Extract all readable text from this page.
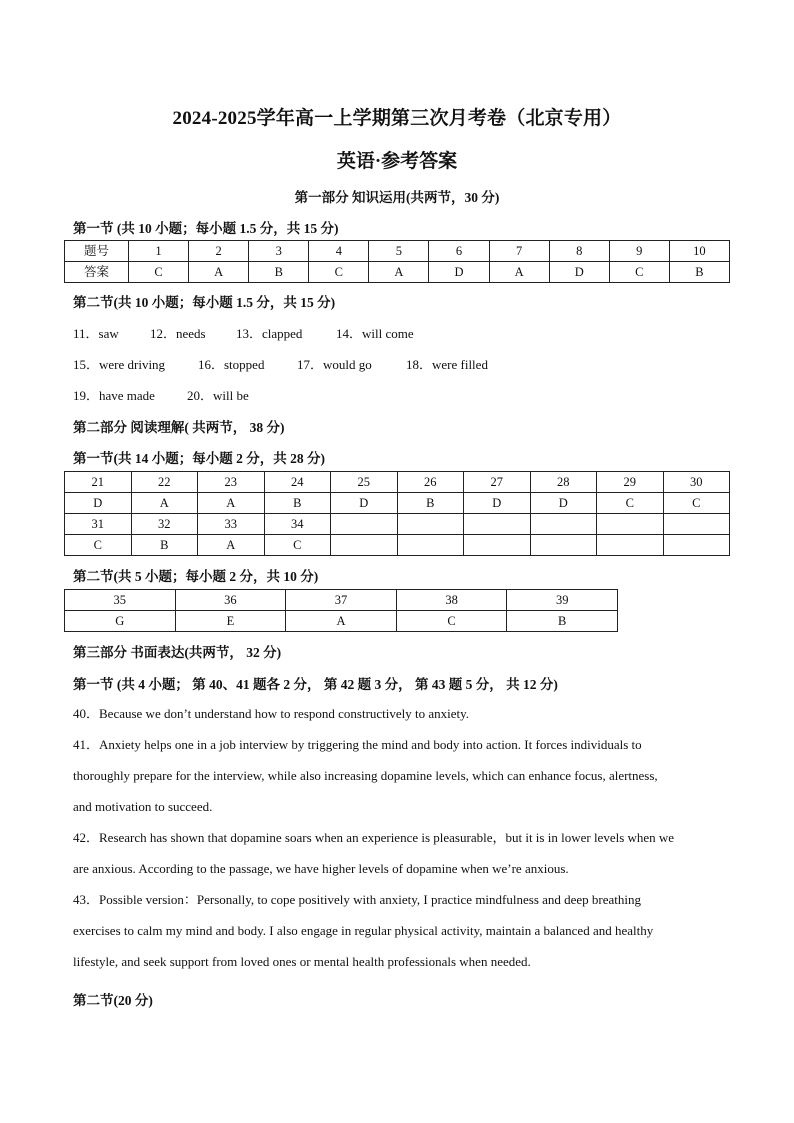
2024-2025学年高一上学期第三次月考卷（北京专用）
英语·参考答案
第一部分 知识运用(共两节，30 分)
第一节 (共 10 小题；每小题 1.5 分，共 15 分)
题号	1	2	3	4	5	6	7	8	9	10
答案	C	A	B	C	A	D	A	D	C	B
第二节(共 10 小题；每小题 1.5 分，共 15 分)
11．saw 12．needs 13．clapped	14．will come
15．were driving	16．stopped	17．would go	18．were filled
19．have made 20．will be
第二部分 阅读理解( 共两节， 38 分)
第一节(共 14 小题；每小题 2 分，共 28 分)
21	22	23	24	25	26	27	28	29	30
D	A	A	B	D	B	D	D	C	C
31	32	33	34						
C	B	A	C						
第二节(共 5 小题；每小题 2 分，共 10 分)
35	36	37	38	39
G	E	A	C	B
第三部分 书面表达(共两节， 32 分)
第一节 (共 4 小题； 第 40、41 题各 2 分， 第 42 题 3 分， 第 43 题 5 分， 共 12 分)

40．Because we don’t understand how to respond constructively to anxiety.

41．Anxiety helps one in a job interview by triggering the mind and body into action. It forces individuals to

thoroughly prepare for the interview, while also increasing dopamine levels, which can enhance focus, alertness,

and motivation to succeed.

42．Research has shown that dopamine soars when an experience is pleasurable，but it is in lower levels when we

are anxious. According to the passage, we have higher levels of dopamine when we’re anxious.

43．Possible version：Personally, to cope positively with anxiety, I practice mindfulness and deep breathing

exercises to calm my mind and body. I also engage in regular physical activity, maintain a balanced and healthy

lifestyle, and seek support from loved ones or mental health professionals when needed.

第二节(20 分)
